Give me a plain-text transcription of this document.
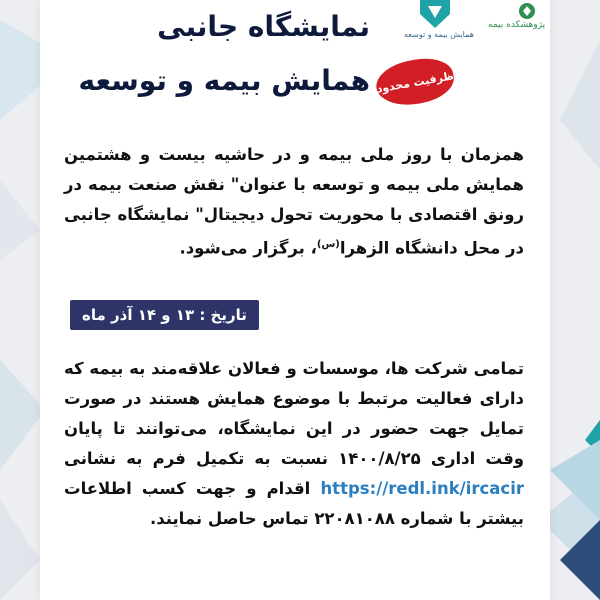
همایش بیمه و توسعه
پژوهشکده بیمه
نمایشگاه جانبی
همایش بیمه و توسعه ظرفیت محدود
همزمان با روز ملی بیمه و در حاشیه بیست و هشتمین همایش ملی بیمه و توسعه با عنوان" نقش صنعت بیمه در رونق اقتصادی با محوریت تحول دیجیتال" نمایشگاه جانبی در محل دانشگاه الزهرا$^{(س)}$، برگزار می‌شود.
تاریخ : ۱۳ و ۱۴ آذر ماه
تمامی شرکت ها، موسسات و فعالان علاقه‌مند به بیمه که دارای فعالیت مرتبط با موضوع همایش هستند در صورت تمایل جهت حضور در این نمایشگاه، می‌توانند تا پایان وقت اداری ۱۴۰۰/۸/۲۵ نسبت به تکمیل فرم به نشانی https://redl.ink/ircacir اقدام و جهت کسب اطلاعات بیشتر با شماره ۲۲۰۸۱۰۸۸ تماس حاصل نمایند.
